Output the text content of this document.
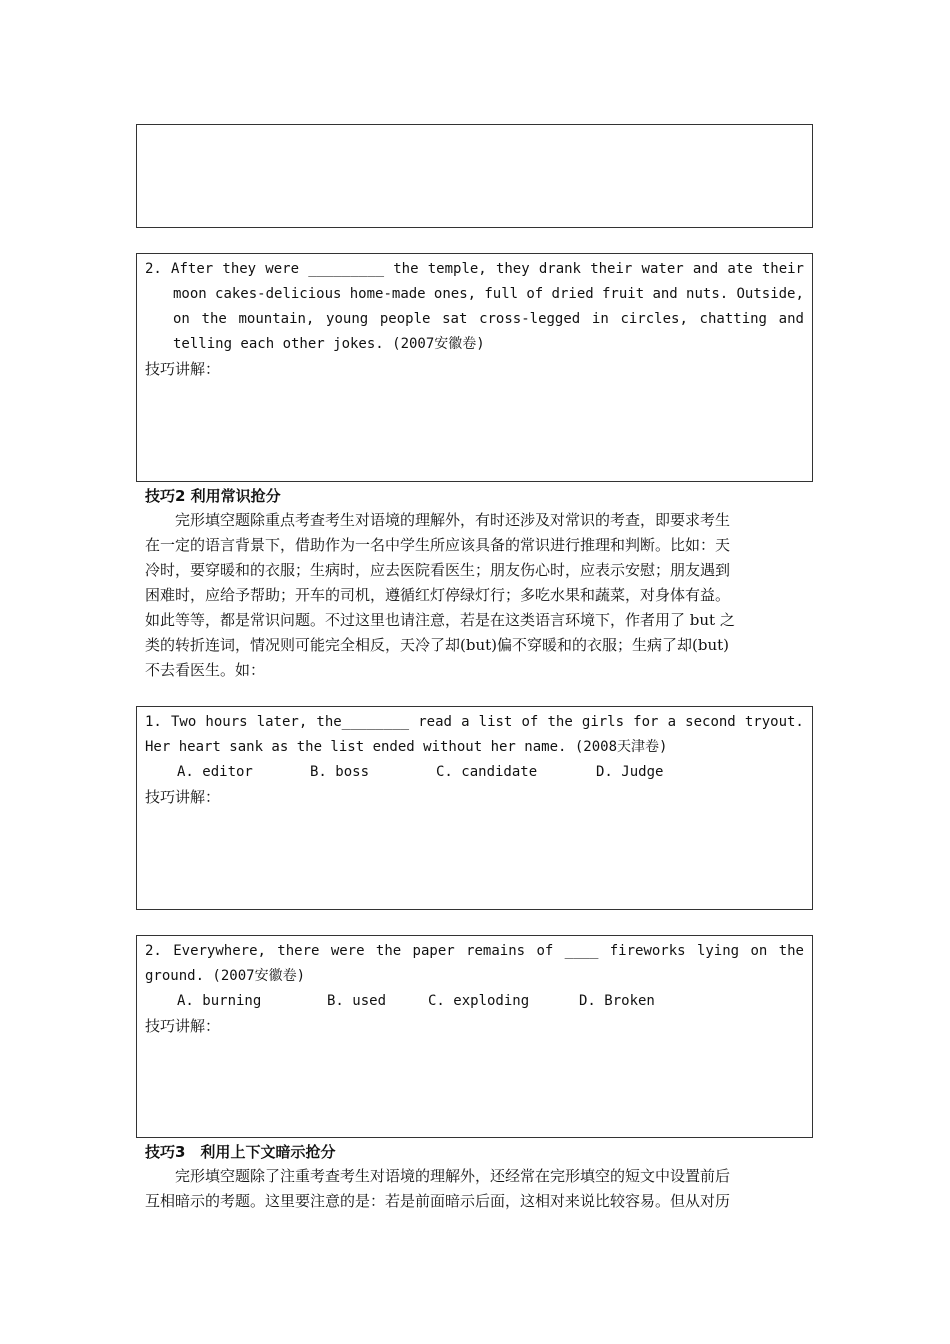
2. After they were _________ the temple, they drank their water and ate their
moon cakes-delicious home-made ones, full of dried fruit and nuts. Outside,
on the mountain, young people sat cross-legged in circles, chatting and
telling each other jokes. (2007安徽卷)
技巧讲解：
技巧2 利用常识抢分
　　完形填空题除重点考查考生对语境的理解外，有时还涉及对常识的考查，即要求考生
在一定的语言背景下，借助作为一名中学生所应该具备的常识进行推理和判断。比如：天
冷时，要穿暖和的衣服；生病时，应去医院看医生；朋友伤心时，应表示安慰；朋友遇到
困难时，应给予帮助；开车的司机，遵循红灯停绿灯行；多吃水果和蔬菜，对身体有益。
如此等等，都是常识问题。不过这里也请注意，若是在这类语言环境下，作者用了 but 之
类的转折连词，情况则可能完全相反，天冷了却(but)偏不穿暖和的衣服；生病了却(but)
不去看医生。如：
1. Two hours later, the________ read a list of the girls for a second tryout.
Her heart sank as the list ended without her name. (2008天津卷)
A. editor	B. boss	C. candidate	D. Judge
技巧讲解：
2. Everywhere, there were the paper remains of ____ fireworks lying on the
ground. (2007安徽卷)
A. burning	B. used	C. exploding	D. Broken
技巧讲解：
技巧3　利用上下文暗示抢分
　　完形填空题除了注重考查考生对语境的理解外，还经常在完形填空的短文中设置前后
互相暗示的考题。这里要注意的是：若是前面暗示后面，这相对来说比较容易。但从对历
